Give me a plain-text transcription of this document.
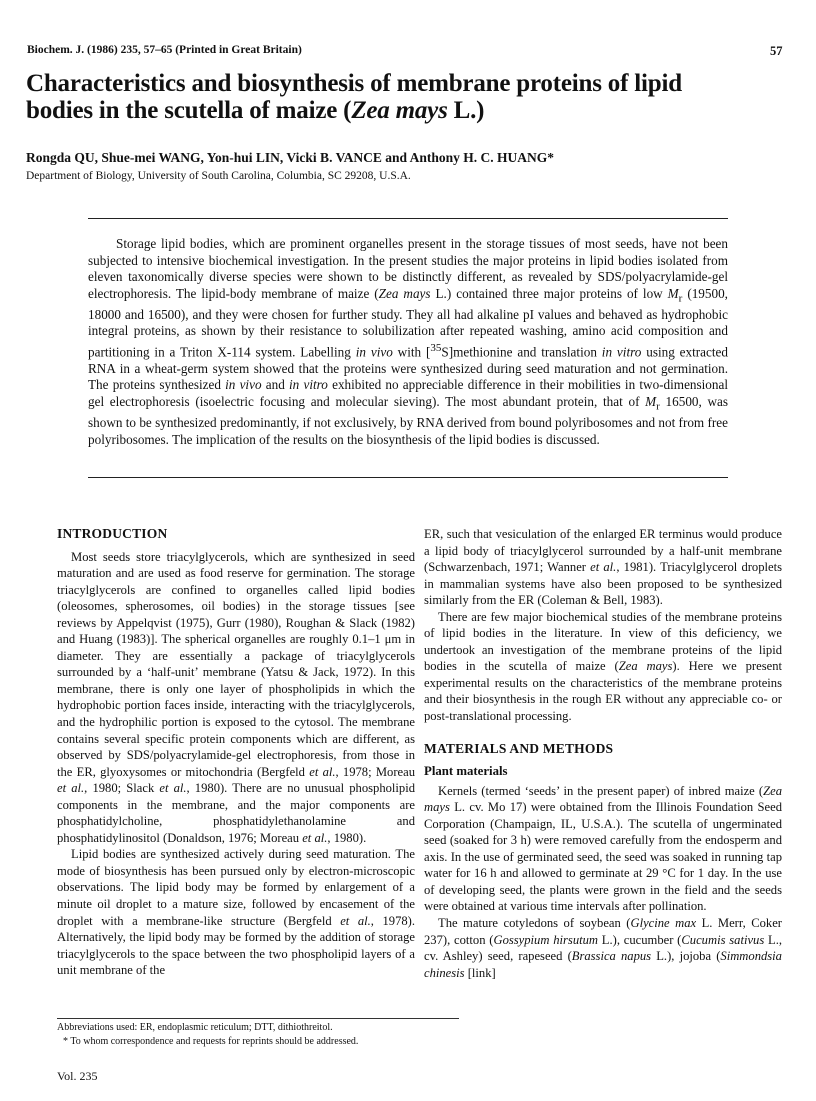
Biochem. J. (1986) 235, 57–65 (Printed in Great Britain)	57
Characteristics and biosynthesis of membrane proteins of lipid
bodies in the scutella of maize (Zea mays L.)
Rongda QU, Shue-mei WANG, Yon-hui LIN, Vicki B. VANCE and Anthony H. C. HUANG*
Department of Biology, University of South Carolina, Columbia, SC 29208, U.S.A.

Storage lipid bodies, which are prominent organelles present in the storage tissues of most seeds, have not been subjected to intensive biochemical investigation. In the present studies the major proteins in lipid bodies isolated from eleven taxonomically diverse species were shown to be distinctly different, as revealed by SDS/polyacrylamide-gel electrophoresis. The lipid-body membrane of maize (Zea mays L.) contained three major proteins of low $M_r$ (19500, 18000 and 16500), and they were chosen for further study. They all had alkaline pI values and behaved as hydrophobic integral proteins, as shown by their resistance to solubilization after repeated washing, amino acid composition and partitioning in a Triton X-114 system. Labelling in vivo with [$^{35}$S]methionine and translation in vitro using extracted RNA in a wheat-germ system showed that the proteins were synthesized during seed maturation and not germination. The proteins synthesized in vivo and in vitro exhibited no appreciable difference in their mobilities in two-dimensional gel electrophoresis (isoelectric focusing and molecular sieving). The most abundant protein, that of $M_r$ 16500, was shown to be synthesized predominantly, if not exclusively, by RNA derived from bound polyribosomes and not from free polyribosomes. The implication of the results on the biosynthesis of the lipid bodies is discussed.

INTRODUCTION

Most seeds store triacylglycerols, which are synthesized in seed maturation and are used as food reserve for germination. The storage triacylglycerols are confined to organelles called lipid bodies (oleosomes, spherosomes, oil bodies) in the storage tissues [see reviews by Appelqvist (1975), Gurr (1980), Roughan & Slack (1982) and Huang (1983)]. The spherical organelles are roughly 0.1–1 μm in diameter. They are essentially a package of triacylglycerols surrounded by a ‘half-unit’ membrane (Yatsu & Jack, 1972). In this membrane, there is only one layer of phospholipids in which the hydrophobic portion faces inside, interacting with the triacylglycerols, and the hydrophilic portion is exposed to the cytosol. The membrane contains several specific protein components which are different, as observed by SDS/polyacrylamide-gel electrophoresis, from those in the ER, glyoxysomes or mitochondria (Bergfeld et al., 1978; Moreau et al., 1980; Slack et al., 1980). There are no unusual phospholipid components in the membrane, and the major components are phosphatidylcholine, phosphatidylethanolamine and phosphatidylinositol (Donaldson, 1976; Moreau et al., 1980).

Lipid bodies are synthesized actively during seed maturation. The mode of biosynthesis has been pursued only by electron-microscopic observations. The lipid body may be formed by enlargement of a minute oil droplet to a mature size, followed by encasement of the droplet with a membrane-like structure (Bergfeld et al., 1978). Alternatively, the lipid body may be formed by the addition of storage triacylglycerols to the space between the two phospholipid layers of a unit membrane of the

ER, such that vesiculation of the enlarged ER terminus would produce a lipid body of triacylglycerol surrounded by a half-unit membrane (Schwarzenbach, 1971; Wanner et al., 1981). Triacylglycerol droplets in mammalian systems have also been proposed to be synthesized similarly from the ER (Coleman & Bell, 1983).

There are few major biochemical studies of the membrane proteins of lipid bodies in the literature. In view of this deficiency, we undertook an investigation of the membrane proteins of the lipid bodies in the scutella of maize (Zea mays). Here we present experimental results on the characteristics of the membrane proteins and their biosynthesis in the rough ER without any appreciable co- or post-translational processing.

MATERIALS AND METHODS
Plant materials

Kernels (termed ‘seeds’ in the present paper) of inbred maize (Zea mays L. cv. Mo 17) were obtained from the Illinois Foundation Seed Corporation (Champaign, IL, U.S.A.). The scutella of ungerminated seed (soaked for 3 h) were removed carefully from the endosperm and axis. In the use of germinated seed, the seed was soaked in running tap water for 16 h and allowed to germinate at 29 °C for 1 day. In the use of developing seed, the plants were grown in the field and the seeds were obtained at various time intervals after pollination.

The mature cotyledons of soybean (Glycine max L. Merr, Coker 237), cotton (Gossypium hirsutum L.), cucumber (Cucumis sativus L., cv. Ashley) seed, rapeseed (Brassica napus L.), jojoba (Simmondsia chinesis [link]

Abbreviations used: ER, endoplasmic reticulum; DTT, dithiothreitol.
* To whom correspondence and requests for reprints should be addressed.
Vol. 235
